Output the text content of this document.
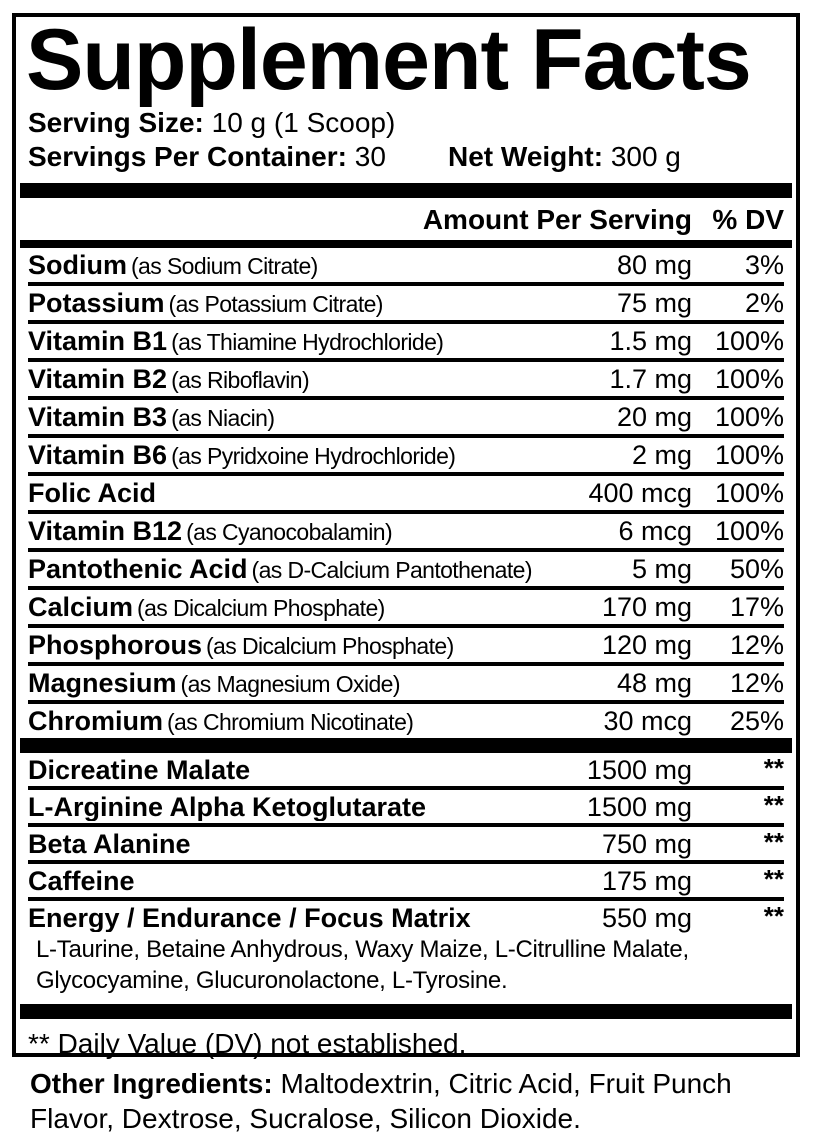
Supplement Facts
Serving Size: 10 g (1 Scoop)
Servings Per Container: 30	Net Weight: 300 g
Amount Per Serving % DV
Sodium (as Sodium Citrate)	80 mg	3%
Potassium (as Potassium Citrate)	75 mg	2%
Vitamin B1 (as Thiamine Hydrochloride)	1.5 mg 100%
Vitamin B2 (as Riboflavin)	1.7 mg 100%
Vitamin B3 (as Niacin)	20 mg 100%
Vitamin B6 (as Pyridxoine Hydrochloride)	2 mg 100%
Folic Acid	400 mcg 100%
Vitamin B12 (as Cyanocobalamin)	6 mcg 100%
Pantothenic Acid (as D-Calcium Pantothenate)	5 mg	50%
Calcium (as Dicalcium Phosphate)	170 mg	17%
Phosphorous (as Dicalcium Phosphate)	120 mg	12%
Magnesium (as Magnesium Oxide)	48 mg	12%
Chromium (as Chromium Nicotinate)	30 mcg	25%
Dicreatine Malate	1500 mg	**
L-Arginine Alpha Ketoglutarate	1500 mg	**
Beta Alanine	750 mg	**
Caffeine	175 mg	**
Energy / Endurance / Focus Matrix	550 mg	**
L-Taurine, Betaine Anhydrous, Waxy Maize, L-Citrulline Malate, Glycocyamine, Glucuronolactone, L-Tyrosine.
** Daily Value (DV) not established.

Other Ingredients: Maltodextrin, Citric Acid, Fruit Punch Flavor, Dextrose, Sucralose, Silicon Dioxide.
